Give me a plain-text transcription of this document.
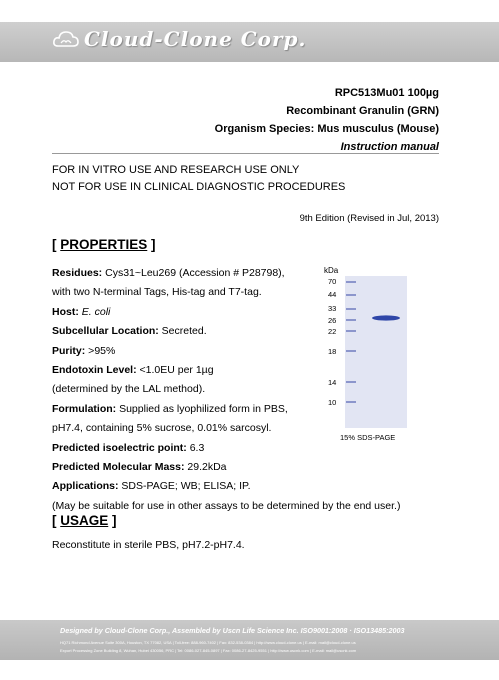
Cloud-Clone Corp.
RPC513Mu01 100µg
Recombinant Granulin (GRN)
Organism Species: Mus musculus (Mouse)
Instruction manual
FOR IN VITRO USE AND RESEARCH USE ONLY
NOT FOR USE IN CLINICAL DIAGNOSTIC PROCEDURES
9th Edition (Revised in Jul, 2013)
[ PROPERTIES ]
Residues: Cys31~Leu269 (Accession # P28798),
with two N-terminal Tags, His-tag and T7-tag.
Host: E. coli
Subcellular Location: Secreted.
Purity: >95%
Endotoxin Level: <1.0EU per 1µg
(determined by the LAL method).
Formulation: Supplied as lyophilized form in PBS,
pH7.4, containing 5% sucrose, 0.01% sarcosyl.
Predicted isoelectric point: 6.3
Predicted Molecular Mass: 29.2kDa
Applications: SDS-PAGE; WB; ELISA; IP.
(May be suitable for use in other assays to be determined by the end user.)
kDa
70
44
33
26
22
18
14
10
15% SDS-PAGE
[ USAGE ]
Reconstitute in sterile PBS, pH7.2-pH7.4.
Designed by Cloud-Clone Corp., Assembled by Uscn Life Science Inc. ISO9001:2008 · ISO13485:2003
HQ71 Richmond Avenue Suite 300A, Houston, TX 77082, USA | Toll-free: 888-960-7402 | Fax: 832-538-0384 | http://www.cloud-clone.us | E-mail: mail@cloud-clone.us
Export Processing Zone Building 8, Wuhan, Hubei 430056, PRC | Tel: 0086-027-845-0897 | Fax: 0086-27-8425-9551 | http://www.uscnk.com | E-mail: mail@uscnk.com
